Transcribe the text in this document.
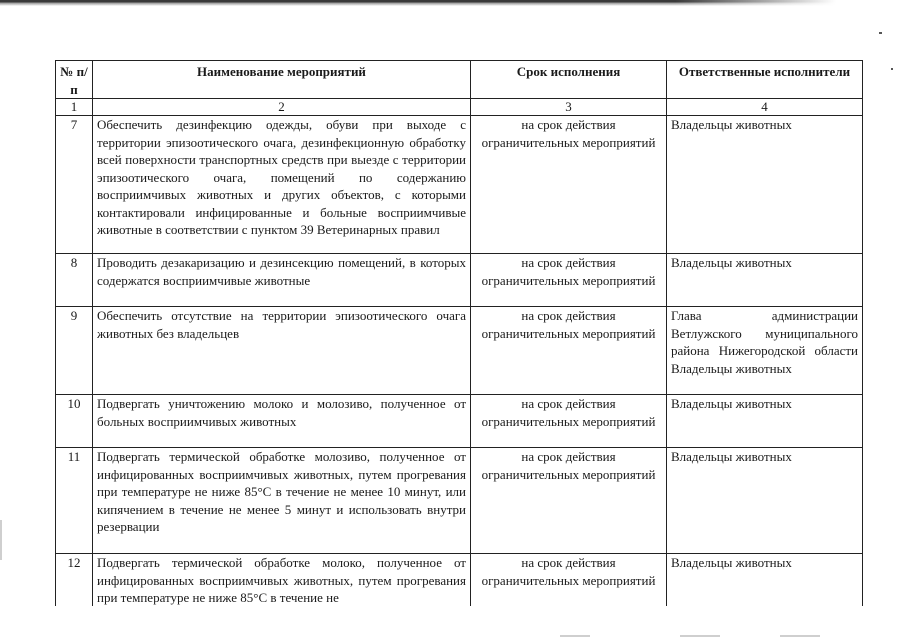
№ п/п	Наименование мероприятий	Срок исполнения	Ответственные исполнители
1	2	3	4
7	Обеспечить дезинфекцию одежды, обуви при выходе с территории эпизоотического очага, дезинфекционную обработку всей поверхности транспортных средств при выезде с территории эпизоотического очага, помещений по содержанию восприимчивых животных и других объектов, с которыми контактировали инфицированные и больные восприимчивые животные в соответствии с пунктом 39 Ветеринарных правил	на срок действия ограничительных мероприятий	Владельцы животных
8	Проводить дезакаризацию и дезинсекцию помещений, в которых содержатся восприимчивые животные	на срок действия ограничительных мероприятий	Владельцы животных
9	Обеспечить отсутствие на территории эпизоотического очага животных без владельцев	на срок действия ограничительных мероприятий	Глава администрации Ветлужского муниципального района Нижегородской области Владельцы животных
10	Подвергать уничтожению молоко и молозиво, полученное от больных восприимчивых животных	на срок действия ограничительных мероприятий	Владельцы животных
11	Подвергать термической обработке молозиво, полученное от инфицированных восприимчивых животных, путем прогревания при температуре не ниже 85°С в течение не менее 10 минут, или кипячением в течение не менее 5 минут и использовать внутри резервации	на срок действия ограничительных мероприятий	Владельцы животных
12	Подвергать термической обработке молоко, полученное от инфицированных восприимчивых животных, путем прогревания при температуре не ниже 85°С в течение не	на срок действия ограничительных мероприятий	Владельцы животных
